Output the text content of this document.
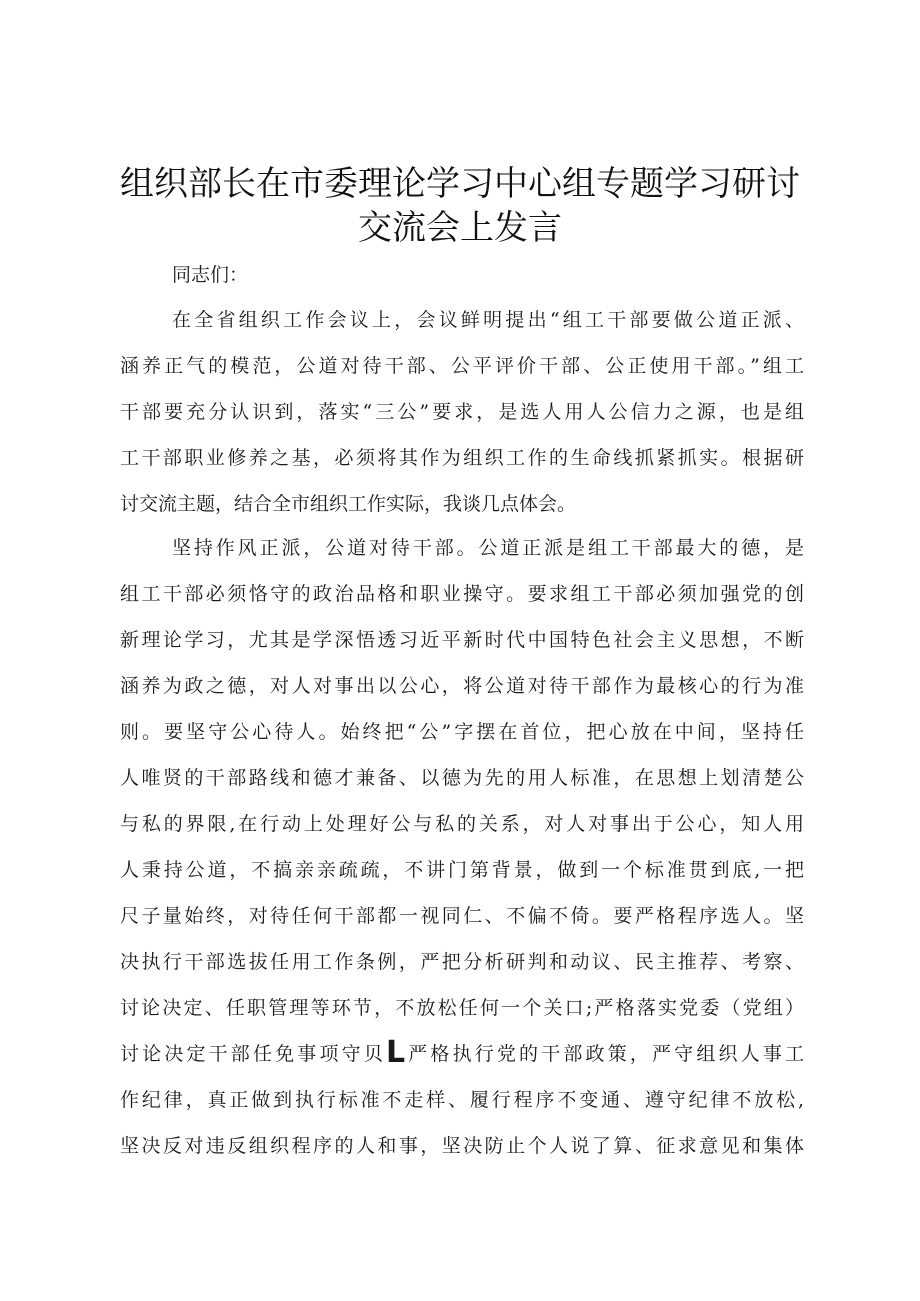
组织部长在市委理论学习中心组专题学习研讨
交流会上发言

同志们：

在全省组织工作会议上，会议鲜明提出“组工干部要做公道正派、

涵养正气的模范，公道对待干部、公平评价干部、公正使用干部。”组工

干部要充分认识到，落实“三公”要求，是选人用人公信力之源，也是组

工干部职业修养之基，必须将其作为组织工作的生命线抓紧抓实。根据研

讨交流主题，结合全市组织工作实际，我谈几点体会。

坚持作风正派，公道对待干部。公道正派是组工干部最大的德，是

组工干部必须恪守的政治品格和职业操守。要求组工干部必须加强党的创

新理论学习，尤其是学深悟透习近平新时代中国特色社会主义思想，不断

涵养为政之德，对人对事出以公心，将公道对待干部作为最核心的行为准

则。要坚守公心待人。始终把“公”字摆在首位，把心放在中间，坚持任

人唯贤的干部路线和德才兼备、以德为先的用人标准，在思想上划清楚公

与私的界限,在行动上处理好公与私的关系，对人对事出于公心，知人用

人秉持公道，不搞亲亲疏疏，不讲门第背景，做到一个标准贯到底,一把

尺子量始终，对待任何干部都一视同仁、不偏不倚。要严格程序选人。坚

决执行干部选拔任用工作条例，严把分析研判和动议、民主推荐、考察、

讨论决定、任职管理等环节，不放松任何一个关口;严格落实党委（党组）

讨论决定干部任免事项守贝L严格执行党的干部政策，严守组织人事工

作纪律，真正做到执行标准不走样、履行程序不变通、遵守纪律不放松,

坚决反对违反组织程序的人和事，坚决防止个人说了算、征求意见和集体
